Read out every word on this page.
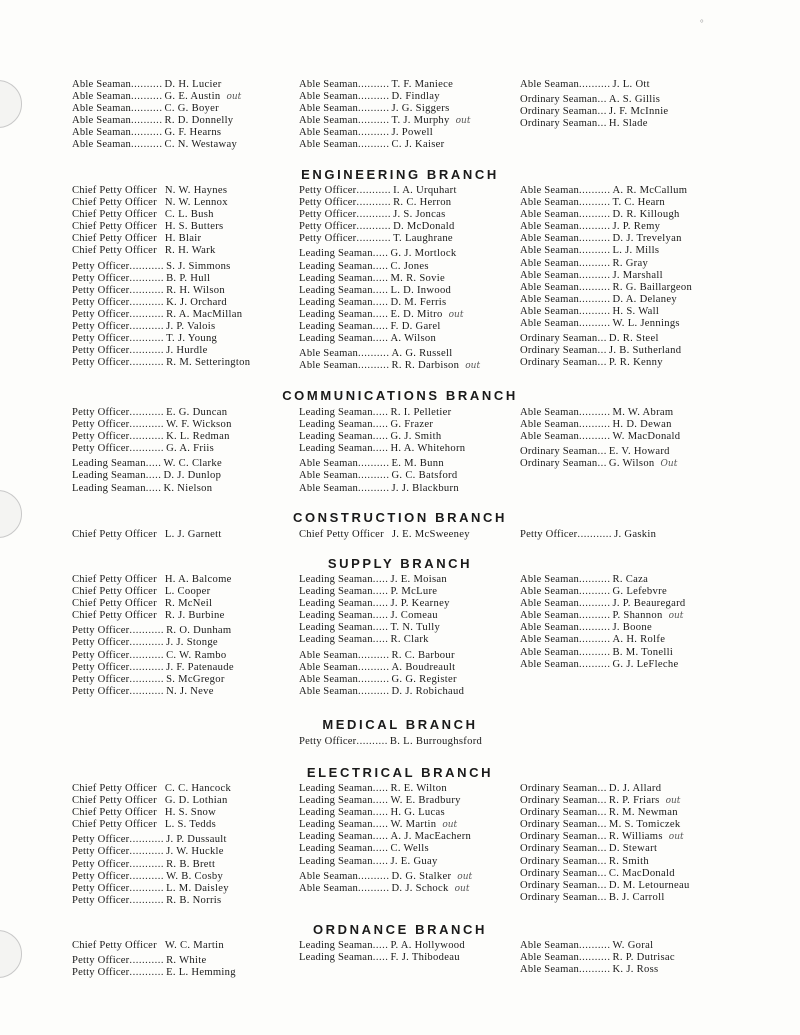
°
Able Seaman .......... D. H. Lucier
Able Seaman .......... G. E. Austin out
Able Seaman .......... C. G. Boyer
Able Seaman .......... R. D. Donnelly
Able Seaman .......... G. F. Hearns
Able Seaman .......... C. N. Westaway
Able Seaman .......... T. F. Maniece
Able Seaman .......... D. Findlay
Able Seaman .......... J. G. Siggers
Able Seaman .......... T. J. Murphy out
Able Seaman .......... J. Powell
Able Seaman .......... C. J. Kaiser
Able Seaman .......... J. L. Ott
Ordinary Seaman ... A. S. Gillis
Ordinary Seaman ... J. F. McInnie
Ordinary Seaman ... H. Slade
ENGINEERING BRANCH
Chief Petty Officer N. W. Haynes
Chief Petty Officer N. W. Lennox
Chief Petty Officer C. L. Bush
Chief Petty Officer H. S. Butters
Chief Petty Officer H. Blair
Chief Petty Officer R. H. Wark
Petty Officer ........... S. J. Simmons
Petty Officer ........... B. P. Hull
Petty Officer ........... R. H. Wilson
Petty Officer ........... K. J. Orchard
Petty Officer ........... R. A. MacMillan
Petty Officer ........... J. P. Valois
Petty Officer ........... T. J. Young
Petty Officer ........... J. Hurdle
Petty Officer ........... R. M. Setterington
Petty Officer ........... I. A. Urquhart
Petty Officer ........... R. C. Herron
Petty Officer ........... J. S. Joncas
Petty Officer ........... D. McDonald
Petty Officer ........... T. Laughrane
Leading Seaman ..... G. J. Mortlock
Leading Seaman ..... C. Jones
Leading Seaman ..... M. R. Sovie
Leading Seaman ..... L. D. Inwood
Leading Seaman ..... D. M. Ferris
Leading Seaman ..... E. D. Mitro out
Leading Seaman ..... F. D. Garel
Leading Seaman ..... A. Wilson
Able Seaman .......... A. G. Russell
Able Seaman .......... R. R. Darbison out
Able Seaman .......... A. R. McCallum
Able Seaman .......... T. C. Hearn
Able Seaman .......... D. R. Killough
Able Seaman .......... J. P. Remy
Able Seaman .......... D. J. Trevelyan
Able Seaman .......... L. J. Mills
Able Seaman .......... R. Gray
Able Seaman .......... J. Marshall
Able Seaman .......... R. G. Baillargeon
Able Seaman .......... D. A. Delaney
Able Seaman .......... H. S. Wall
Able Seaman .......... W. L. Jennings
Ordinary Seaman ... D. R. Steel
Ordinary Seaman ... J. B. Sutherland
Ordinary Seaman ... P. R. Kenny
COMMUNICATIONS BRANCH
Petty Officer ........... E. G. Duncan
Petty Officer ........... W. F. Wickson
Petty Officer ........... K. L. Redman
Petty Officer ........... G. A. Friis
Leading Seaman ..... W. C. Clarke
Leading Seaman ..... D. J. Dunlop
Leading Seaman ..... K. Nielson
Leading Seaman ..... R. I. Pelletier
Leading Seaman ..... G. Frazer
Leading Seaman ..... G. J. Smith
Leading Seaman ..... H. A. Whitehorn
Able Seaman .......... E. M. Bunn
Able Seaman .......... G. C. Batsford
Able Seaman .......... J. J. Blackburn
Able Seaman .......... M. W. Abram
Able Seaman .......... H. D. Dewan
Able Seaman .......... W. MacDonald
Ordinary Seaman ... E. V. Howard
Ordinary Seaman ... G. Wilson Out
CONSTRUCTION BRANCH
Chief Petty Officer L. J. Garnett	Chief Petty Officer J. E. McSweeney	Petty Officer ........... J. Gaskin
SUPPLY BRANCH
Chief Petty Officer H. A. Balcome
Chief Petty Officer L. Cooper
Chief Petty Officer R. McNeil
Chief Petty Officer R. J. Burbine
Petty Officer ........... R. O. Dunham
Petty Officer ........... J. J. Stonge
Petty Officer ........... C. W. Rambo
Petty Officer ........... J. F. Patenaude
Petty Officer ........... S. McGregor
Petty Officer ........... N. J. Neve
Leading Seaman ..... J. E. Moisan
Leading Seaman ..... P. McLure
Leading Seaman ..... J. P. Kearney
Leading Seaman ..... J. Comeau
Leading Seaman ..... T. N. Tully
Leading Seaman ..... R. Clark
Able Seaman .......... R. C. Barbour
Able Seaman .......... A. Boudreault
Able Seaman .......... G. G. Register
Able Seaman .......... D. J. Robichaud
Able Seaman .......... R. Caza
Able Seaman .......... G. Lefebvre
Able Seaman .......... J. P. Beauregard
Able Seaman .......... P. Shannon out
Able Seaman .......... J. Boone
Able Seaman .......... A. H. Rolfe
Able Seaman .......... B. M. Tonelli
Able Seaman .......... G. J. LeFleche
MEDICAL BRANCH
Petty Officer .......... B. L. Burroughsford
ELECTRICAL BRANCH
Chief Petty Officer C. C. Hancock
Chief Petty Officer G. D. Lothian
Chief Petty Officer H. S. Snow
Chief Petty Officer L. S. Tedds
Petty Officer ........... J. P. Dussault
Petty Officer ........... J. W. Huckle
Petty Officer ........... R. B. Brett
Petty Officer ........... W. B. Cosby
Petty Officer ........... L. M. Daisley
Petty Officer ........... R. B. Norris
Leading Seaman ..... R. E. Wilton
Leading Seaman ..... W. E. Bradbury
Leading Seaman ..... H. G. Lucas
Leading Seaman ..... W. Martin out
Leading Seaman ..... A. J. MacEachern
Leading Seaman ..... C. Wells
Leading Seaman ..... J. E. Guay
Able Seaman .......... D. G. Stalker out
Able Seaman .......... D. J. Schock out
Ordinary Seaman ... D. J. Allard
Ordinary Seaman ... R. P. Friars out
Ordinary Seaman ... R. M. Newman
Ordinary Seaman ... M. S. Tomiczek
Ordinary Seaman ... R. Williams out
Ordinary Seaman ... D. Stewart
Ordinary Seaman ... R. Smith
Ordinary Seaman ... C. MacDonald
Ordinary Seaman ... D. M. Letourneau
Ordinary Seaman ... B. J. Carroll
ORDNANCE BRANCH
Chief Petty Officer W. C. Martin
Petty Officer ........... R. White
Petty Officer ........... E. L. Hemming
Leading Seaman ..... P. A. Hollywood
Leading Seaman ..... F. J. Thibodeau
Able Seaman .......... W. Goral
Able Seaman .......... R. P. Dutrisac
Able Seaman .......... K. J. Ross
